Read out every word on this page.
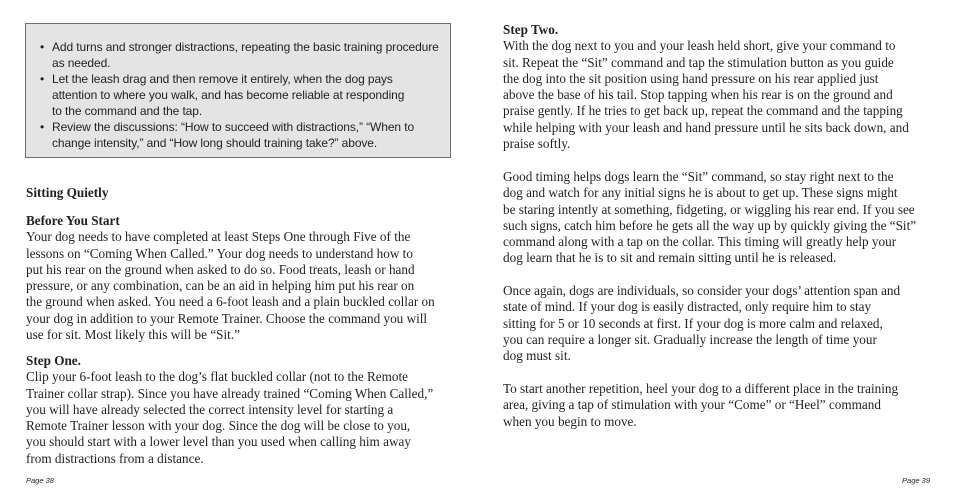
• Add turns and stronger distractions, repeating the basic training procedure
as needed.
• Let the leash drag and then remove it entirely, when the dog pays
attention to where you walk, and has become reliable at responding
to the command and the tap.
• Review the discussions: “How to succeed with distractions,” “When to
change intensity,” and “How long should training take?” above.
Sitting Quietly
Before You Start
Your dog needs to have completed at least Steps One through Five of the
lessons on “Coming When Called.” Your dog needs to understand how to
put his rear on the ground when asked to do so. Food treats, leash or hand
pressure, or any combination, can be an aid in helping him put his rear on
the ground when asked. You need a 6-foot leash and a plain buckled collar on
your dog in addition to your Remote Trainer. Choose the command you will
use for sit. Most likely this will be “Sit.”
Step One.
Clip your 6-foot leash to the dog’s flat buckled collar (not to the Remote
Trainer collar strap). Since you have already trained “Coming When Called,”
you will have already selected the correct intensity level for starting a
Remote Trainer lesson with your dog. Since the dog will be close to you,
you should start with a lower level than you used when calling him away
from distractions from a distance.
Page 38
Step Two.
With the dog next to you and your leash held short, give your command to
sit. Repeat the “Sit” command and tap the stimulation button as you guide
the dog into the sit position using hand pressure on his rear applied just
above the base of his tail. Stop tapping when his rear is on the ground and
praise gently. If he tries to get back up, repeat the command and the tapping
while helping with your leash and hand pressure until he sits back down, and
praise softly.
Good timing helps dogs learn the “Sit” command, so stay right next to the
dog and watch for any initial signs he is about to get up. These signs might
be staring intently at something, fidgeting, or wiggling his rear end. If you see
such signs, catch him before he gets all the way up by quickly giving the “Sit”
command along with a tap on the collar. This timing will greatly help your
dog learn that he is to sit and remain sitting until he is released.
Once again, dogs are individuals, so consider your dogs’ attention span and
state of mind. If your dog is easily distracted, only require him to stay
sitting for 5 or 10 seconds at first. If your dog is more calm and relaxed,
you can require a longer sit. Gradually increase the length of time your
dog must sit.
To start another repetition, heel your dog to a different place in the training
area, giving a tap of stimulation with your “Come” or “Heel” command
when you begin to move.
Page 39
